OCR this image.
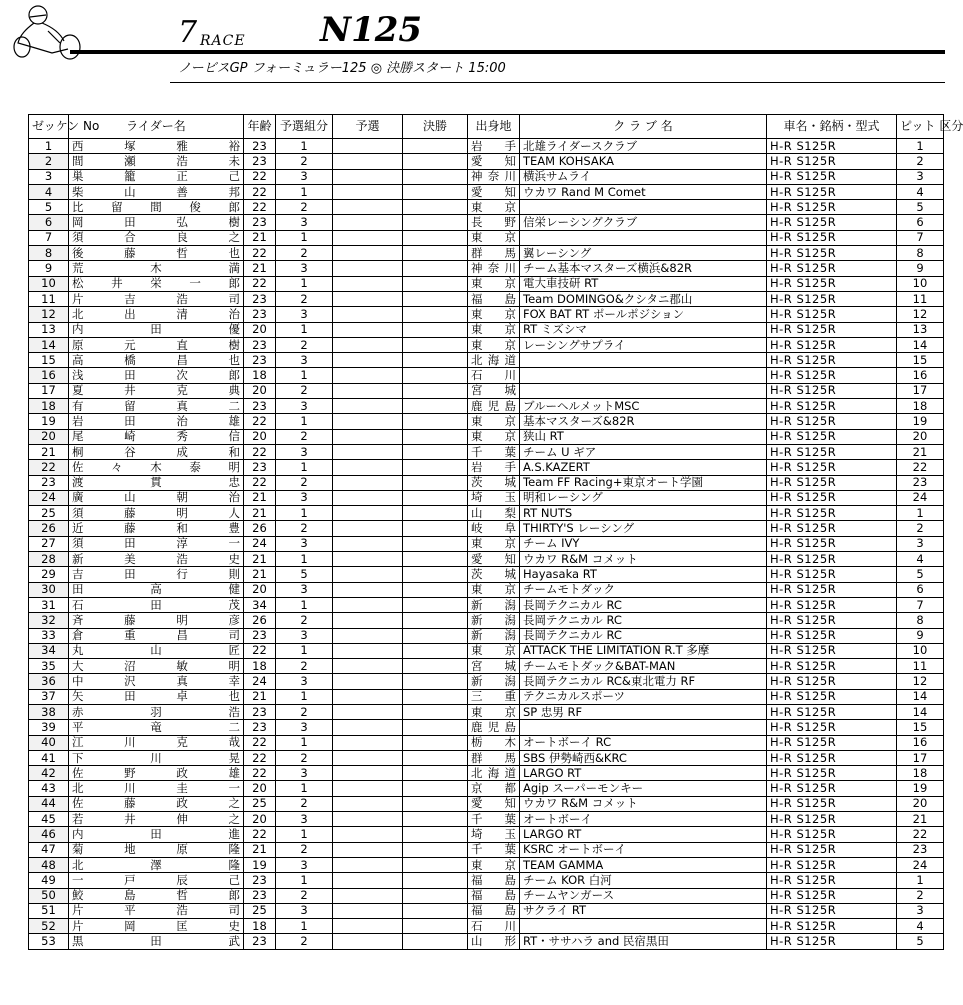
7 RACE N125
ノービスGP フォーミュラー125 ◎ 決勝スタート 15:00
ゼッケン No	ライダー名	年齢	予選組分	予選	決勝	出身地	ク ラ ブ 名	車名・銘柄・型式	ピット 区分
1	西塚雅裕	23	1			岩手	北雄ライダースクラブ	H-R S125R	1
2	間瀬浩未	23	2			愛知	TEAM KOHSAKA	H-R S125R	2
3	巣籠正己	22	3			神奈川	横浜サムライ	H-R S125R	3
4	柴山善邦	22	1			愛知	ウカワ Rand M Comet	H-R S125R	4
5	比留間俊郎	22	2			東京		H-R S125R	5
6	岡田弘樹	23	3			長野	信栄レーシングクラブ	H-R S125R	6
7	須合良之	21	1			東京		H-R S125R	7
8	後藤哲也	22	2			群馬	翼レーシング	H-R S125R	8
9	荒木満	21	3			神奈川	チーム基本マスターズ横浜&82R	H-R S125R	9
10	松井栄一郎	22	1			東京	電大車技研 RT	H-R S125R	10
11	片吉浩司	23	2			福島	Team DOMINGO&クシタニ郡山	H-R S125R	11
12	北出清治	23	3			東京	FOX BAT RT ポールポジション	H-R S125R	12
13	内田優	20	1			東京	RT ミズシマ	H-R S125R	13
14	原元直樹	23	2			東京	レーシングサプライ	H-R S125R	14
15	高橋昌也	23	3			北海道		H-R S125R	15
16	浅田次郎	18	1			石川		H-R S125R	16
17	夏井克典	20	2			宮城		H-R S125R	17
18	有留真二	23	3			鹿児島	ブルーヘルメットMSC	H-R S125R	18
19	岩田治雄	22	1			東京	基本マスターズ&82R	H-R S125R	19
20	尾崎秀信	20	2			東京	狭山 RT	H-R S125R	20
21	桐谷成和	22	3			千葉	チーム U ギア	H-R S125R	21
22	佐々木泰明	23	1			岩手	A.S.KAZERT	H-R S125R	22
23	渡貫忠	22	2			茨城	Team FF Racing+東京オート学園	H-R S125R	23
24	廣山朝治	21	3			埼玉	明和レーシング	H-R S125R	24
25	須藤明人	21	1			山梨	RT NUTS	H-R S125R	1
26	近藤和豊	26	2			岐阜	THIRTY'S レーシング	H-R S125R	2
27	須田淳一	24	3			東京	チーム IVY	H-R S125R	3
28	新美浩史	21	1			愛知	ウカワ R&M コメット	H-R S125R	4
29	吉田行則	21	5			茨城	Hayasaka RT	H-R S125R	5
30	田高健	20	3			東京	チームモトダック	H-R S125R	6
31	石田茂	34	1			新潟	長岡テクニカル RC	H-R S125R	7
32	斉藤明彦	26	2			新潟	長岡テクニカル RC	H-R S125R	8
33	倉重昌司	23	3			新潟	長岡テクニカル RC	H-R S125R	9
34	丸山匠	22	1			東京	ATTACK THE LIMITATION R.T 多摩	H-R S125R	10
35	大沼敏明	18	2			宮城	チームモトダック&BAT-MAN	H-R S125R	11
36	中沢真幸	24	3			新潟	長岡テクニカル RC&東北電力 RF	H-R S125R	12
37	矢田卓也	21	1			三重	テクニカルスポーツ	H-R S125R	14
38	赤羽浩	23	2			東京	SP 忠男 RF	H-R S125R	14
39	平竜二	23	3			鹿児島		H-R S125R	15
40	江川克哉	22	1			栃木	オートボーイ RC	H-R S125R	16
41	下川晃	22	2			群馬	SBS 伊勢崎西&KRC	H-R S125R	17
42	佐野政雄	22	3			北海道	LARGO RT	H-R S125R	18
43	北川圭一	20	1			京都	Agip スーパーモンキー	H-R S125R	19
44	佐藤政之	25	2			愛知	ウカワ R&M コメット	H-R S125R	20
45	若井伸之	20	3			千葉	オートボーイ	H-R S125R	21
46	内田進	22	1			埼玉	LARGO RT	H-R S125R	22
47	菊地原隆	21	2			千葉	KSRC オートボーイ	H-R S125R	23
48	北澤隆	19	3			東京	TEAM GAMMA	H-R S125R	24
49	一戸辰己	23	1			福島	チーム KOR 白河	H-R S125R	1
50	鮫島哲郎	23	2			福島	チームヤンガース	H-R S125R	2
51	片平浩司	25	3			福島	サクライ RT	H-R S125R	3
52	片岡匡史	18	1			石川		H-R S125R	4
53	黒田武	23	2			山形	RT・ササハラ and 民宿黒田	H-R S125R	5
